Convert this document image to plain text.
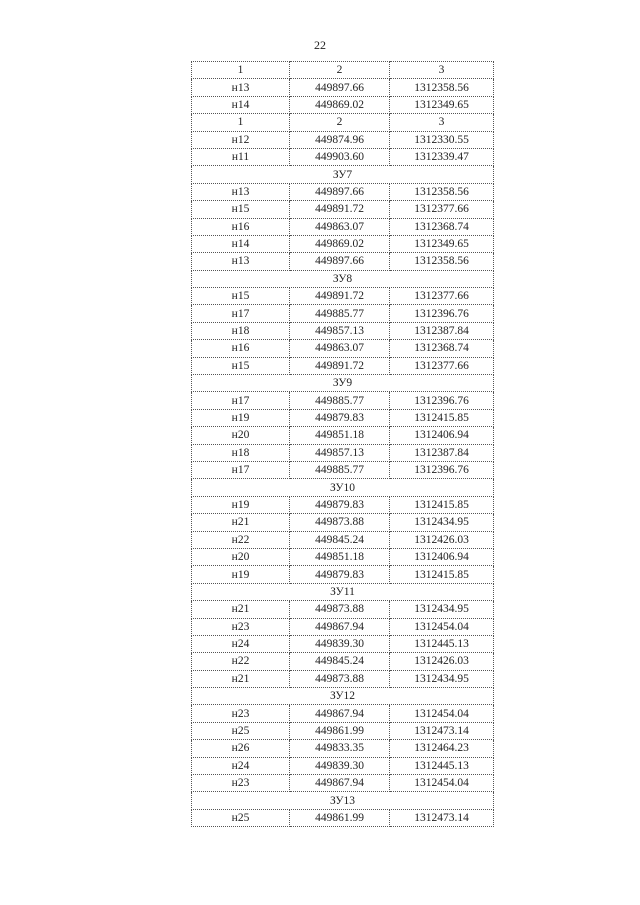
22
1	2	3
н13	449897.66	1312358.56
н14	449869.02	1312349.65
1	2	3
н12	449874.96	1312330.55
н11	449903.60	1312339.47
ЗУ7		
н13	449897.66	1312358.56
н15	449891.72	1312377.66
н16	449863.07	1312368.74
н14	449869.02	1312349.65
н13	449897.66	1312358.56
ЗУ8		
н15	449891.72	1312377.66
н17	449885.77	1312396.76
н18	449857.13	1312387.84
н16	449863.07	1312368.74
н15	449891.72	1312377.66
ЗУ9		
н17	449885.77	1312396.76
н19	449879.83	1312415.85
н20	449851.18	1312406.94
н18	449857.13	1312387.84
н17	449885.77	1312396.76
ЗУ10		
н19	449879.83	1312415.85
н21	449873.88	1312434.95
н22	449845.24	1312426.03
н20	449851.18	1312406.94
н19	449879.83	1312415.85
ЗУ11		
н21	449873.88	1312434.95
н23	449867.94	1312454.04
н24	449839.30	1312445.13
н22	449845.24	1312426.03
н21	449873.88	1312434.95
ЗУ12		
н23	449867.94	1312454.04
н25	449861.99	1312473.14
н26	449833.35	1312464.23
н24	449839.30	1312445.13
н23	449867.94	1312454.04
ЗУ13		
н25	449861.99	1312473.14
